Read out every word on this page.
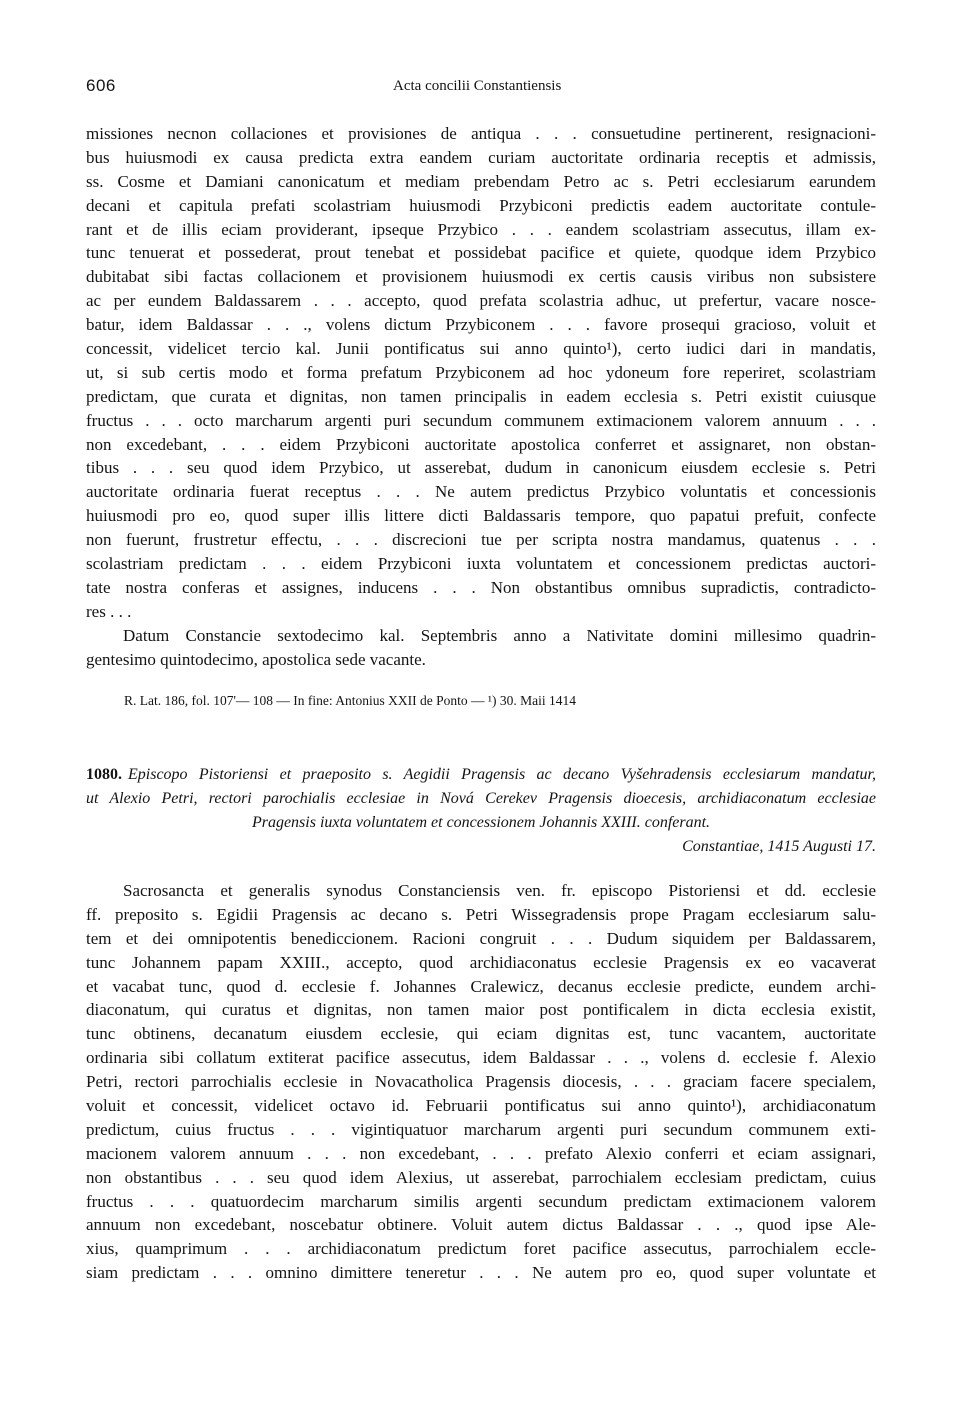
606	Acta concilii Constantiensis
missiones necnon collaciones et provisiones de antiqua . . . consuetudine pertinerent, resignacioni-
bus huiusmodi ex causa predicta extra eandem curiam auctoritate ordinaria receptis et admissis,
ss. Cosme et Damiani canonicatum et mediam prebendam Petro ac s. Petri ecclesiarum earundem
decani et capitula prefati scolastriam huiusmodi Przybiconi predictis eadem auctoritate contule-
rant et de illis eciam providerant, ipseque Przybico . . . eandem scolastriam assecutus, illam ex-
tunc tenuerat et possederat, prout tenebat et possidebat pacifice et quiete, quodque idem Przybico
dubitabat sibi factas collacionem et provisionem huiusmodi ex certis causis viribus non subsistere
ac per eundem Baldassarem . . . accepto, quod prefata scolastria adhuc, ut prefertur, vacare nosce-
batur, idem Baldassar . . ., volens dictum Przybiconem . . . favore prosequi gracioso, voluit et
concessit, videlicet tercio kal. Junii pontificatus sui anno quinto¹), certo iudici dari in mandatis,
ut, si sub certis modo et forma prefatum Przybiconem ad hoc ydoneum fore reperiret, scolastriam
predictam, que curata et dignitas, non tamen principalis in eadem ecclesia s. Petri existit cuiusque
fructus . . . octo marcharum argenti puri secundum communem extimacionem valorem annuum . . .
non excedebant, . . . eidem Przybiconi auctoritate apostolica conferret et assignaret, non obstan-
tibus . . . seu quod idem Przybico, ut asserebat, dudum in canonicum eiusdem ecclesie s. Petri
auctoritate ordinaria fuerat receptus . . . Ne autem predictus Przybico voluntatis et concessionis
huiusmodi pro eo, quod super illis littere dicti Baldassaris tempore, quo papatui prefuit, confecte
non fuerunt, frustretur effectu, . . . discrecioni tue per scripta nostra mandamus, quatenus . . .
scolastriam predictam . . . eidem Przybiconi iuxta voluntatem et concessionem predictas auctori-
tate nostra conferas et assignes, inducens . . . Non obstantibus omnibus supradictis, contradicto-
res . . .
Datum Constancie sextodecimo kal. Septembris anno a Nativitate domini millesimo quadrin-
gentesimo quintodecimo, apostolica sede vacante.
R. Lat. 186, fol. 107'— 108 — In fine: Antonius XXII de Ponto — ¹) 30. Maii 1414
1080. Episcopo Pistoriensi et praeposito s. Aegidii Pragensis ac decano Vyšehradensis ecclesiarum mandatur,
ut Alexio Petri, rectori parochialis ecclesiae in Nová Cerekev Pragensis dioecesis, archidiaconatum ecclesiae
Pragensis iuxta voluntatem et concessionem Johannis XXIII. conferant.
Constantiae, 1415 Augusti 17.
Sacrosancta et generalis synodus Constanciensis ven. fr. episcopo Pistoriensi et dd. ecclesie
ff. preposito s. Egidii Pragensis ac decano s. Petri Wissegradensis prope Pragam ecclesiarum salu-
tem et dei omnipotentis benediccionem. Racioni congruit . . . Dudum siquidem per Baldassarem,
tunc Johannem papam XXIII., accepto, quod archidiaconatus ecclesie Pragensis ex eo vacaverat
et vacabat tunc, quod d. ecclesie f. Johannes Cralewicz, decanus ecclesie predicte, eundem archi-
diaconatum, qui curatus et dignitas, non tamen maior post pontificalem in dicta ecclesia existit,
tunc obtinens, decanatum eiusdem ecclesie, qui eciam dignitas est, tunc vacantem, auctoritate
ordinaria sibi collatum extiterat pacifice assecutus, idem Baldassar . . ., volens d. ecclesie f. Alexio
Petri, rectori parrochialis ecclesie in Novacatholica Pragensis diocesis, . . . graciam facere specialem,
voluit et concessit, videlicet octavo id. Februarii pontificatus sui anno quinto¹), archidiaconatum
predictum, cuius fructus . . . vigintiquatuor marcharum argenti puri secundum communem exti-
macionem valorem annuum . . . non excedebant, . . . prefato Alexio conferri et eciam assignari,
non obstantibus . . . seu quod idem Alexius, ut asserebat, parrochialem ecclesiam predictam, cuius
fructus . . . quatuordecim marcharum similis argenti secundum predictam extimacionem valorem
annuum non excedebant, noscebatur obtinere. Voluit autem dictus Baldassar . . ., quod ipse Ale-
xius, quamprimum . . . archidiaconatum predictum foret pacifice assecutus, parrochialem eccle-
siam predictam . . . omnino dimittere teneretur . . . Ne autem pro eo, quod super voluntate et
